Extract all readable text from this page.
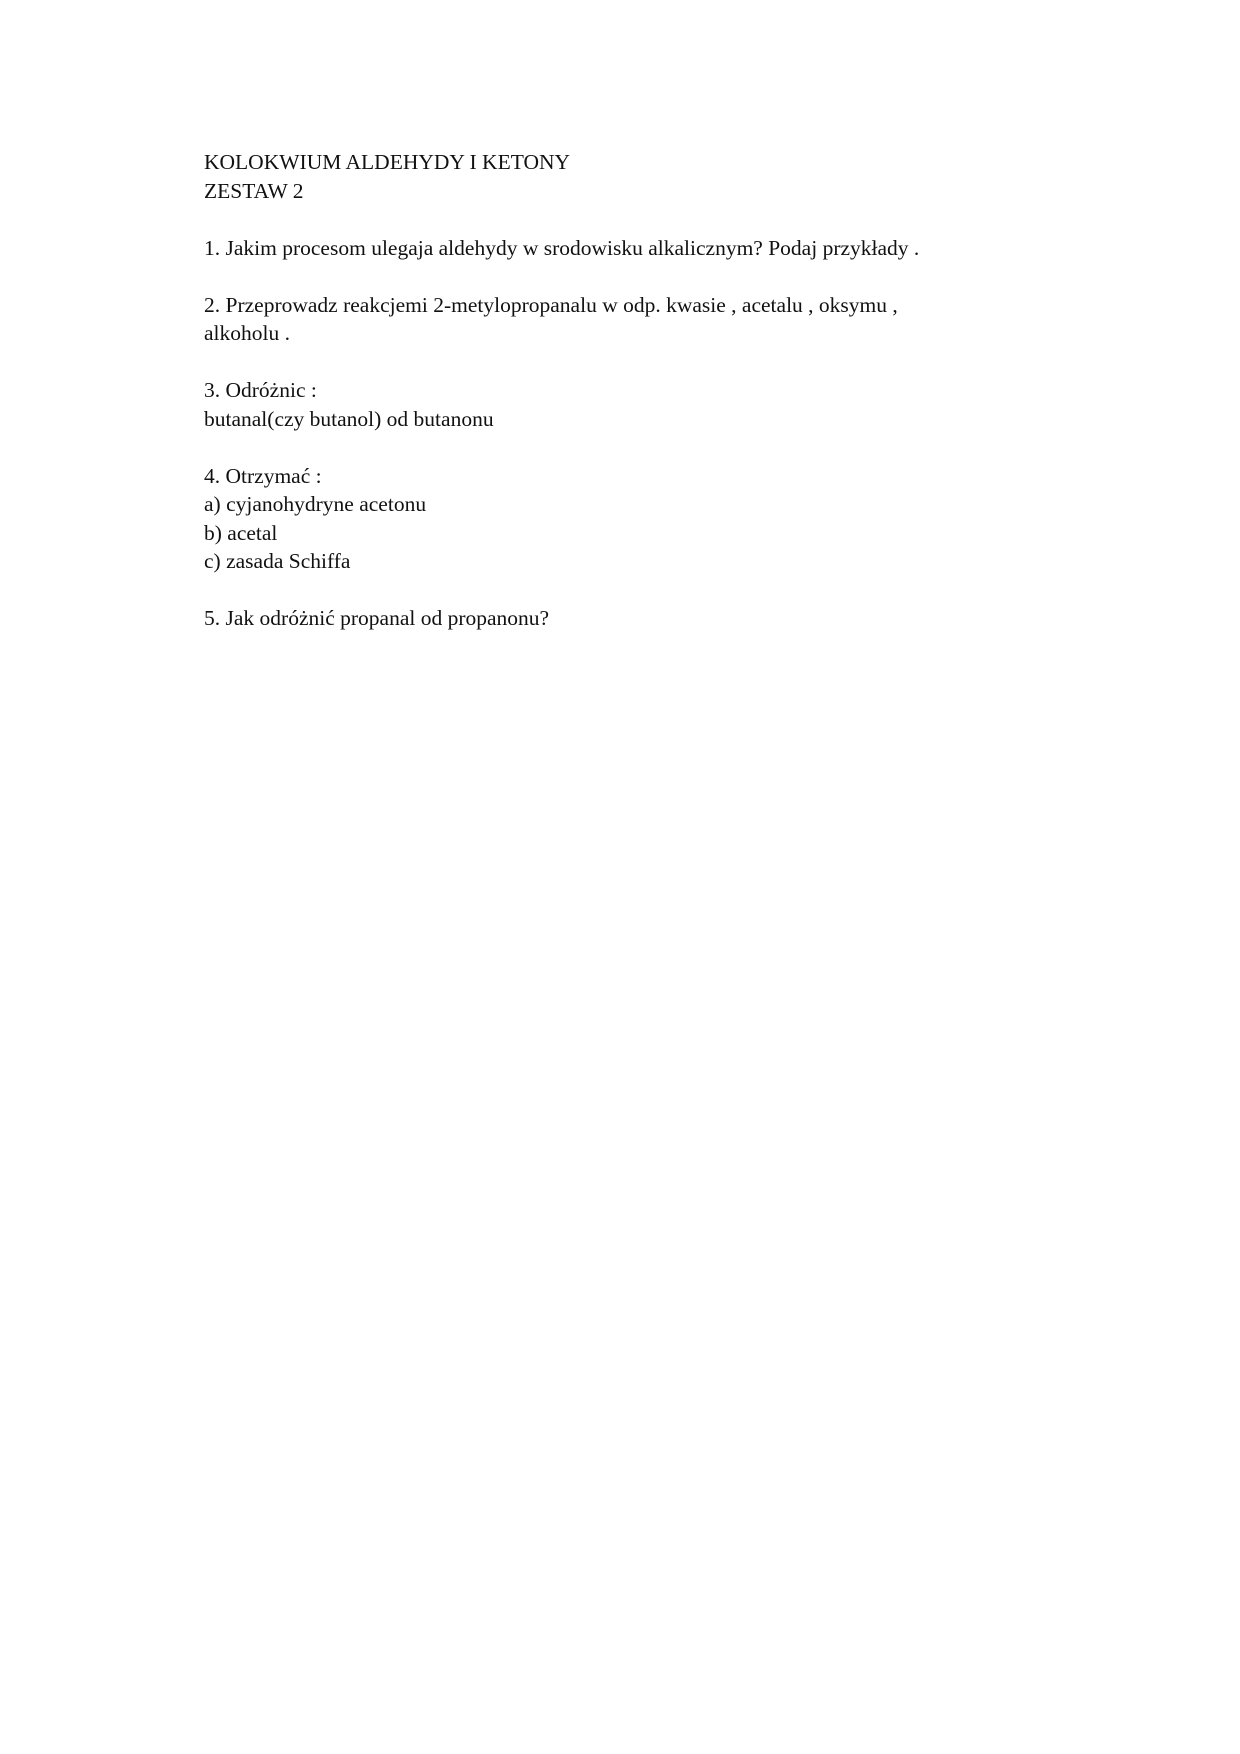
KOLOKWIUM ALDEHYDY I KETONY
ZESTAW 2
1. Jakim procesom ulegaja aldehydy w srodowisku alkalicznym? Podaj przykłady .
2. Przeprowadz reakcjemi 2-metylopropanalu w odp. kwasie , acetalu , oksymu ,
alkoholu .
3. Odróżnic :
butanal(czy butanol) od butanonu
4. Otrzymać :
a) cyjanohydryne acetonu
b) acetal
c) zasada Schiffa
5. Jak odróżnić propanal od propanonu?
